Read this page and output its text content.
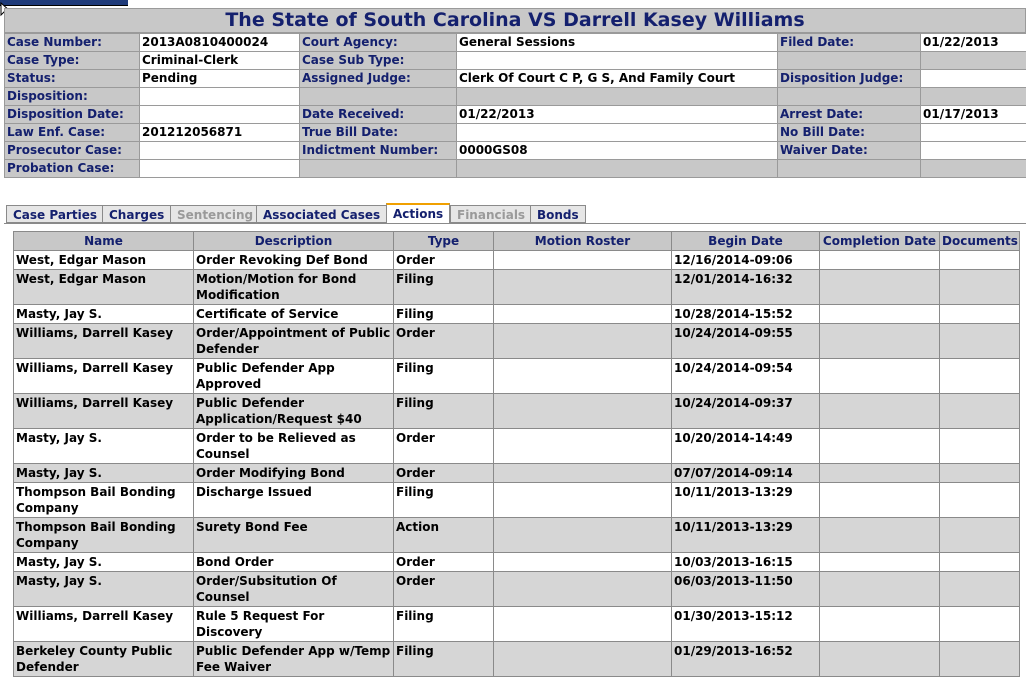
The State of South Carolina VS Darrell Kasey Williams
Case Number:	2013A0810400024	Court Agency:	General Sessions	Filed Date:	01/22/2013
Case Type:	Criminal-Clerk	Case Sub Type:			
Status:	Pending	Assigned Judge:	Clerk Of Court C P, G S, And Family Court	Disposition Judge:	
Disposition:					
Disposition Date:		Date Received:	01/22/2013	Arrest Date:	01/17/2013
Law Enf. Case:	201212056871	True Bill Date:		No Bill Date:	
Prosecutor Case:		Indictment Number:	0000GS08	Waiver Date:	
Probation Case:					
Case Parties	Charges	Sentencing Associated Cases	Actions	Financials Bonds
Name	Description	Type	Motion Roster	Begin Date	Completion Date	Documents
West, Edgar Mason	Order Revoking Def Bond	Order		12/16/2014-09:06		
West, Edgar Mason	Motion/Motion for Bond Modification	Filing		12/01/2014-16:32		
Masty, Jay S.	Certificate of Service	Filing		10/28/2014-15:52		
Williams, Darrell Kasey	Order/Appointment of Public Defender	Order		10/24/2014-09:55		
Williams, Darrell Kasey	Public Defender App Approved	Filing		10/24/2014-09:54		
Williams, Darrell Kasey	Public Defender Application/Request $40	Filing		10/24/2014-09:37		
Masty, Jay S.	Order to be Relieved as Counsel	Order		10/20/2014-14:49		
Masty, Jay S.	Order Modifying Bond	Order		07/07/2014-09:14		
Thompson Bail Bonding Company	Discharge Issued	Filing		10/11/2013-13:29		
Thompson Bail Bonding Company	Surety Bond Fee	Action		10/11/2013-13:29		
Masty, Jay S.	Bond Order	Order		10/03/2013-16:15		
Masty, Jay S.	Order/Subsitution Of Counsel	Order		06/03/2013-11:50		
Williams, Darrell Kasey	Rule 5 Request For Discovery	Filing		01/30/2013-15:12		
Berkeley County Public Defender	Public Defender App w/Temp Fee Waiver	Filing		01/29/2013-16:52		
